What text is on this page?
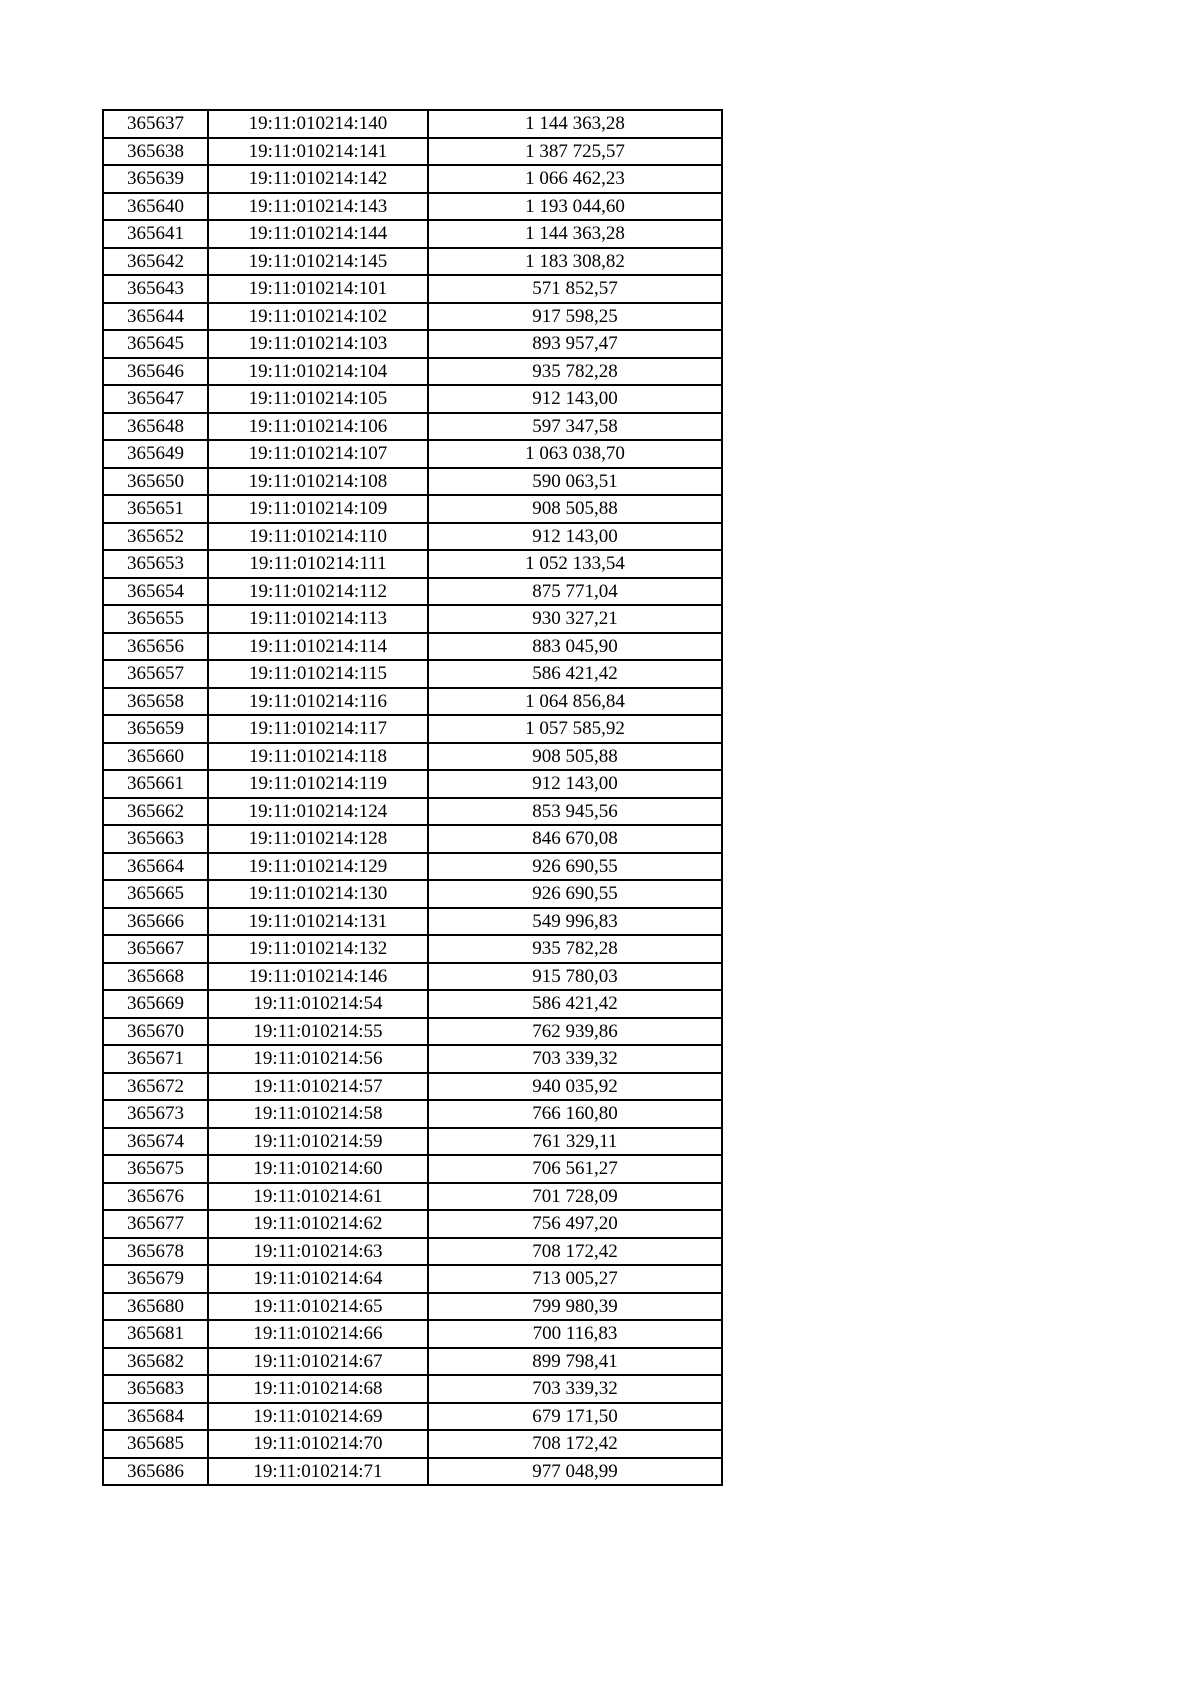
365637	19:11:010214:140	1 144 363,28
365638	19:11:010214:141	1 387 725,57
365639	19:11:010214:142	1 066 462,23
365640	19:11:010214:143	1 193 044,60
365641	19:11:010214:144	1 144 363,28
365642	19:11:010214:145	1 183 308,82
365643	19:11:010214:101	571 852,57
365644	19:11:010214:102	917 598,25
365645	19:11:010214:103	893 957,47
365646	19:11:010214:104	935 782,28
365647	19:11:010214:105	912 143,00
365648	19:11:010214:106	597 347,58
365649	19:11:010214:107	1 063 038,70
365650	19:11:010214:108	590 063,51
365651	19:11:010214:109	908 505,88
365652	19:11:010214:110	912 143,00
365653	19:11:010214:111	1 052 133,54
365654	19:11:010214:112	875 771,04
365655	19:11:010214:113	930 327,21
365656	19:11:010214:114	883 045,90
365657	19:11:010214:115	586 421,42
365658	19:11:010214:116	1 064 856,84
365659	19:11:010214:117	1 057 585,92
365660	19:11:010214:118	908 505,88
365661	19:11:010214:119	912 143,00
365662	19:11:010214:124	853 945,56
365663	19:11:010214:128	846 670,08
365664	19:11:010214:129	926 690,55
365665	19:11:010214:130	926 690,55
365666	19:11:010214:131	549 996,83
365667	19:11:010214:132	935 782,28
365668	19:11:010214:146	915 780,03
365669	19:11:010214:54	586 421,42
365670	19:11:010214:55	762 939,86
365671	19:11:010214:56	703 339,32
365672	19:11:010214:57	940 035,92
365673	19:11:010214:58	766 160,80
365674	19:11:010214:59	761 329,11
365675	19:11:010214:60	706 561,27
365676	19:11:010214:61	701 728,09
365677	19:11:010214:62	756 497,20
365678	19:11:010214:63	708 172,42
365679	19:11:010214:64	713 005,27
365680	19:11:010214:65	799 980,39
365681	19:11:010214:66	700 116,83
365682	19:11:010214:67	899 798,41
365683	19:11:010214:68	703 339,32
365684	19:11:010214:69	679 171,50
365685	19:11:010214:70	708 172,42
365686	19:11:010214:71	977 048,99
